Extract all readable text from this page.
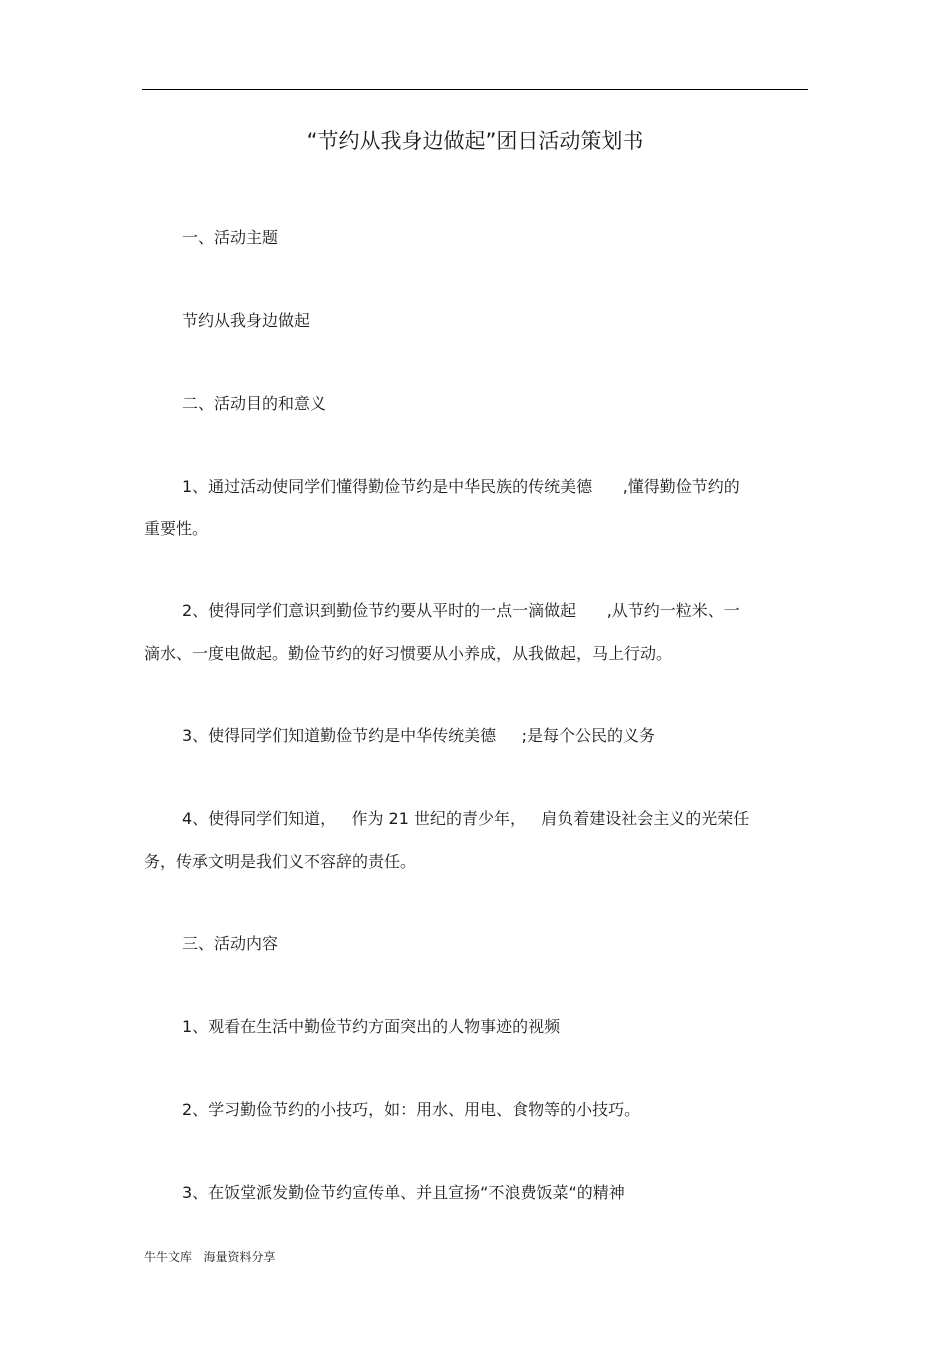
“节约从我身边做起”团日活动策划书
一、活动主题
节约从我身边做起
二、活动目的和意义
1、通过活动使同学们懂得勤俭节约是中华民族的传统美德      ,懂得勤俭节约的
重要性。
2、使得同学们意识到勤俭节约要从平时的一点一滴做起      ,从节约一粒米、一
滴水、一度电做起。勤俭节约的好习惯要从小养成，从我做起，马上行动。
3、使得同学们知道勤俭节约是中华传统美德     ;是每个公民的义务
4、使得同学们知道，   作为 21 世纪的青少年，   肩负着建设社会主义的光荣任
务，传承文明是我们义不容辞的责任。
三、活动内容
1、观看在生活中勤俭节约方面突出的人物事迹的视频
2、学习勤俭节约的小技巧，如：用水、用电、食物等的小技巧。
3、在饭堂派发勤俭节约宣传单、并且宣扬“不浪费饭菜“的精神
牛牛文库   海量资料分享
